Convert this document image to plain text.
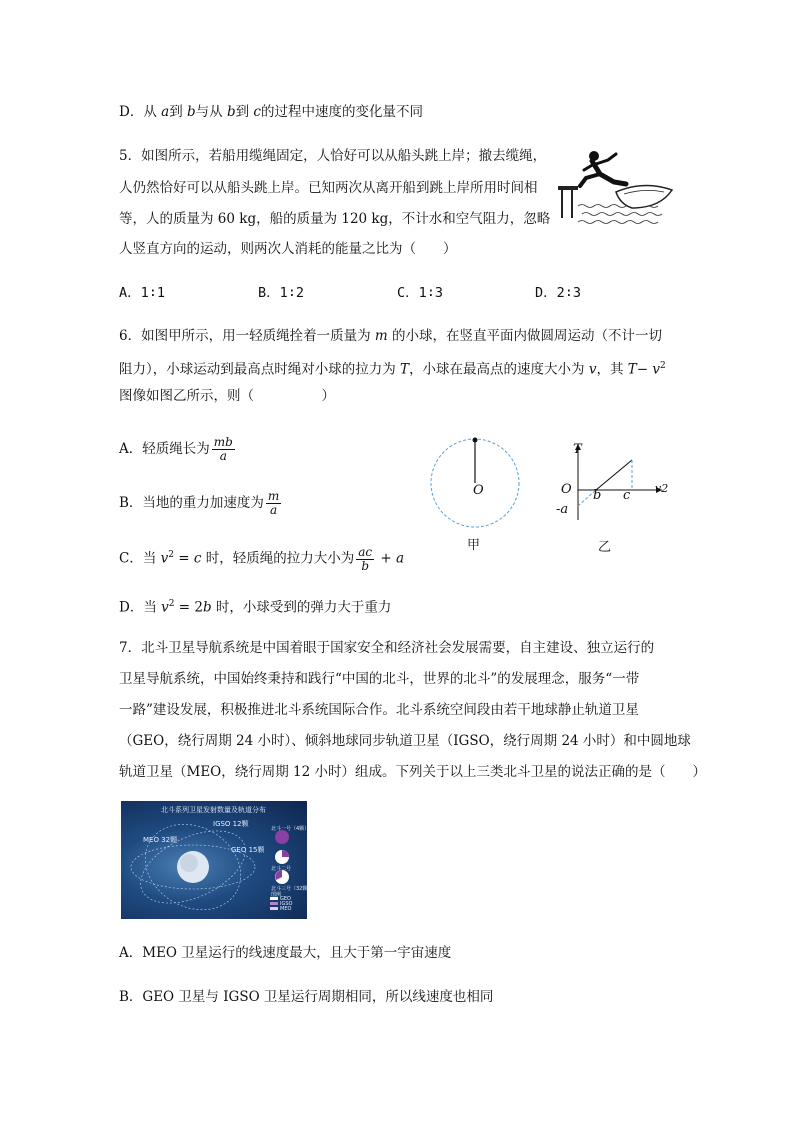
D．从 a到 b与从 b到 c的过程中速度的变化量不同
5．如图所示，若船用缆绳固定，人恰好可以从船头跳上岸；撤去缆绳，
人仍然恰好可以从船头跳上岸。已知两次从离开船到跳上岸所用时间相
等，人的质量为 60 kg，船的质量为 120 kg，不计水和空气阻力，忽略
人竖直方向的运动，则两次人消耗的能量之比为（　　）
A．1∶1	B．1∶2	C．1∶3	D．2∶3
6．如图甲所示，用一轻质绳拴着一质量为 m 的小球，在竖直平面内做圆周运动（不计一切
阻力），小球运动到最高点时绳对小球的拉力为 T，小球在最高点的速度大小为 v，其 $T- v^2$
图像如图乙所示，则（　　　　　）
A．轻质绳长为 $\frac{mb}{a}$
B．当地的重力加速度为 $\frac{m}{a}$
C．当 $v^2 = c$ 时，轻质绳的拉力大小为 $\frac{ac}{b} + a$
D．当 $v^2 = 2b$ 时，小球受到的弹力大于重力
O
甲
T
v2
O b c
-a
乙
7．北斗卫星导航系统是中国着眼于国家安全和经济社会发展需要，自主建设、独立运行的
卫星导航系统，中国始终秉持和践行“中国的北斗，世界的北斗”的发展理念，服务“一带
一路”建设发展，积极推进北斗系统国际合作。北斗系统空间段由若干地球静止轨道卫星
（GEO，绕行周期 24 小时）、倾斜地球同步轨道卫星（IGSO，绕行周期 24 小时）和中圆地球
轨道卫星（MEO，绕行周期 12 小时）组成。下列关于以上三类北斗卫星的说法正确的是（　　）
北斗系列卫星发射数量及轨道分布
IGSO 12颗
MEO 32颗
GEO 15颗
北斗一号（4颗）
北斗二号
北斗三号（32颗）
图例
GEO
IGSO
MEO
A．MEO 卫星运行的线速度最大，且大于第一宇宙速度
B．GEO 卫星与 IGSO 卫星运行周期相同，所以线速度也相同
